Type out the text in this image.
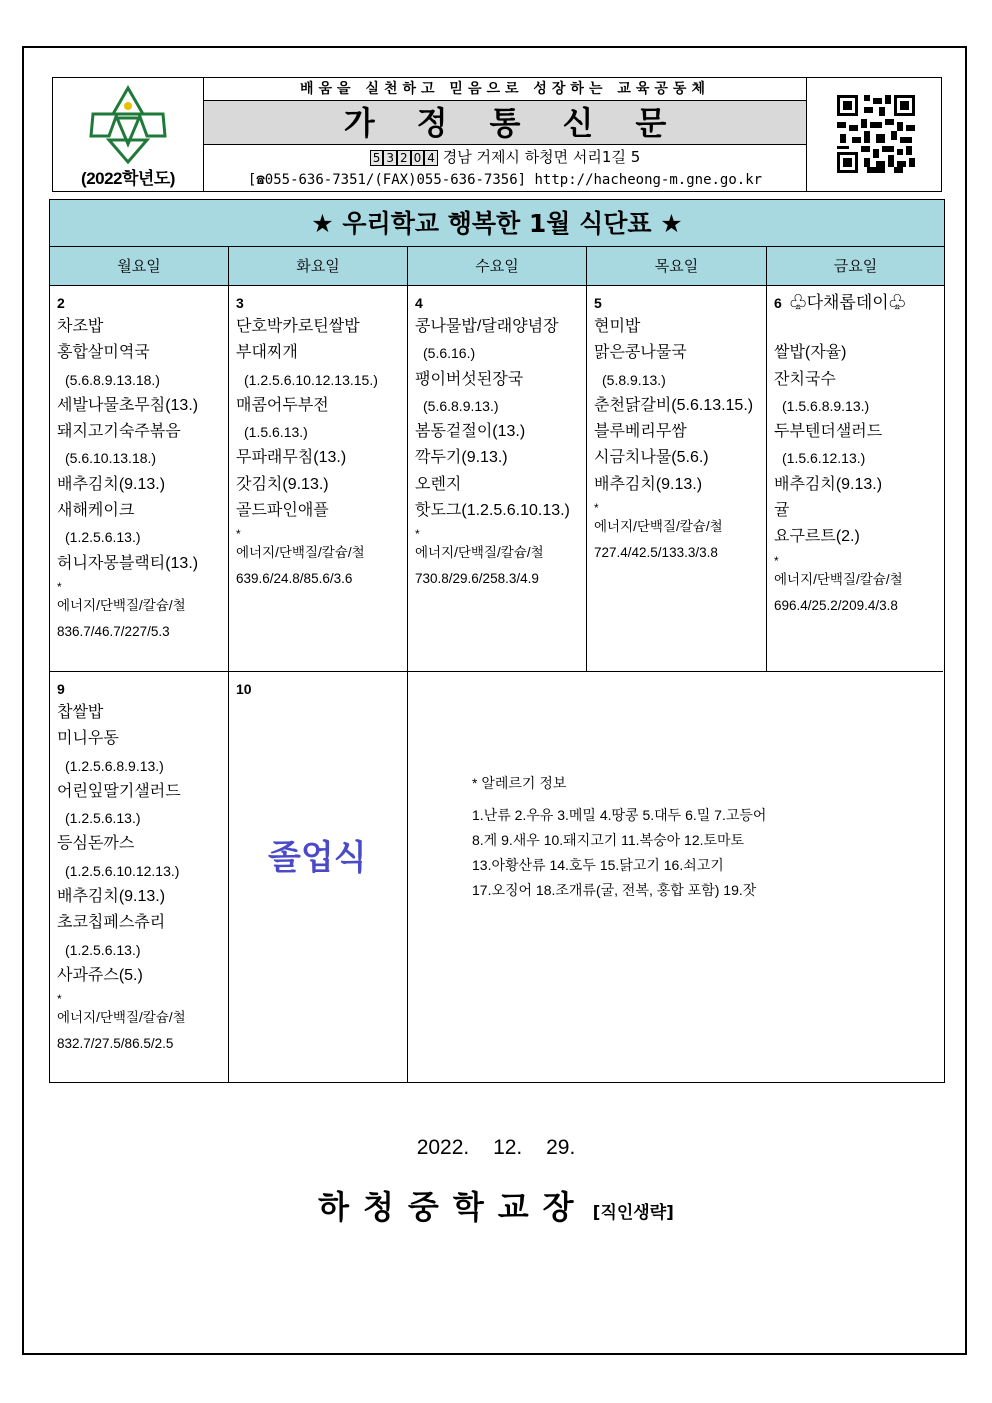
(2022학년도)
배움을 실천하고 믿음으로 성장하는 교육공동체
가정통신문
5 3 2 0 4 경남 거제시 하청면 서리1길 5
[☎055-636-7351/(FAX)055-636-7356] http://hacheong-m.gne.go.kr
★ 우리학교 행복한 1월 식단표 ★
월요일	화요일	수요일	목요일	금요일
2
차조밥
홍합살미역국
(5.6.8.9.13.18.)
세발나물초무침(13.)
돼지고기숙주볶음
(5.6.10.13.18.)
배추김치(9.13.)
새해케이크
(1.2.5.6.13.)
허니자몽블랙티(13.)
*
에너지/단백질/칼슘/철
836.7/46.7/227/5.3
3
단호박카로틴쌀밥
부대찌개
(1.2.5.6.10.12.13.15.)
매콤어두부전
(1.5.6.13.)
무파래무침(13.)
갓김치(9.13.)
골드파인애플
*
에너지/단백질/칼슘/철
639.6/24.8/85.6/3.6
4
콩나물밥/달래양념장
(5.6.16.)
팽이버섯된장국
(5.6.8.9.13.)
봄동겉절이(13.)
깍두기(9.13.)
오렌지
핫도그(1.2.5.6.10.13.)
*
에너지/단백질/칼슘/철
730.8/29.6/258.3/4.9
5
현미밥
맑은콩나물국
(5.8.9.13.)
춘천닭갈비(5.6.13.15.)
블루베리무쌈
시금치나물(5.6.)
배추김치(9.13.)
*
에너지/단백질/칼슘/철
727.4/42.5/133.3/3.8
6 ♧다채롭데이♧

쌀밥(자율)
잔치국수
(1.5.6.8.9.13.)
두부텐더샐러드
(1.5.6.12.13.)
배추김치(9.13.)
귤
요구르트(2.)
*
에너지/단백질/칼슘/철
696.4/25.2/209.4/3.8
9
찹쌀밥
미니우동
(1.2.5.6.8.9.13.)
어린잎딸기샐러드
(1.2.5.6.13.)
등심돈까스
(1.2.5.6.10.12.13.)
배추김치(9.13.)
초코칩페스츄리
(1.2.5.6.13.)
사과쥬스(5.)
*
에너지/단백질/칼슘/철
832.7/27.5/86.5/2.5
10
졸업식
* 알레르기 정보
1.난류 2.우유 3.메밀 4.땅콩 5.대두 6.밀 7.고등어
8.게 9.새우 10.돼지고기 11.복숭아 12.토마토
13.아황산류 14.호두 15.닭고기 16.쇠고기
17.오징어 18.조개류(굴, 전복, 홍합 포함) 19.잣
2022. 12. 29.
하청중학교장 [직인생략]
